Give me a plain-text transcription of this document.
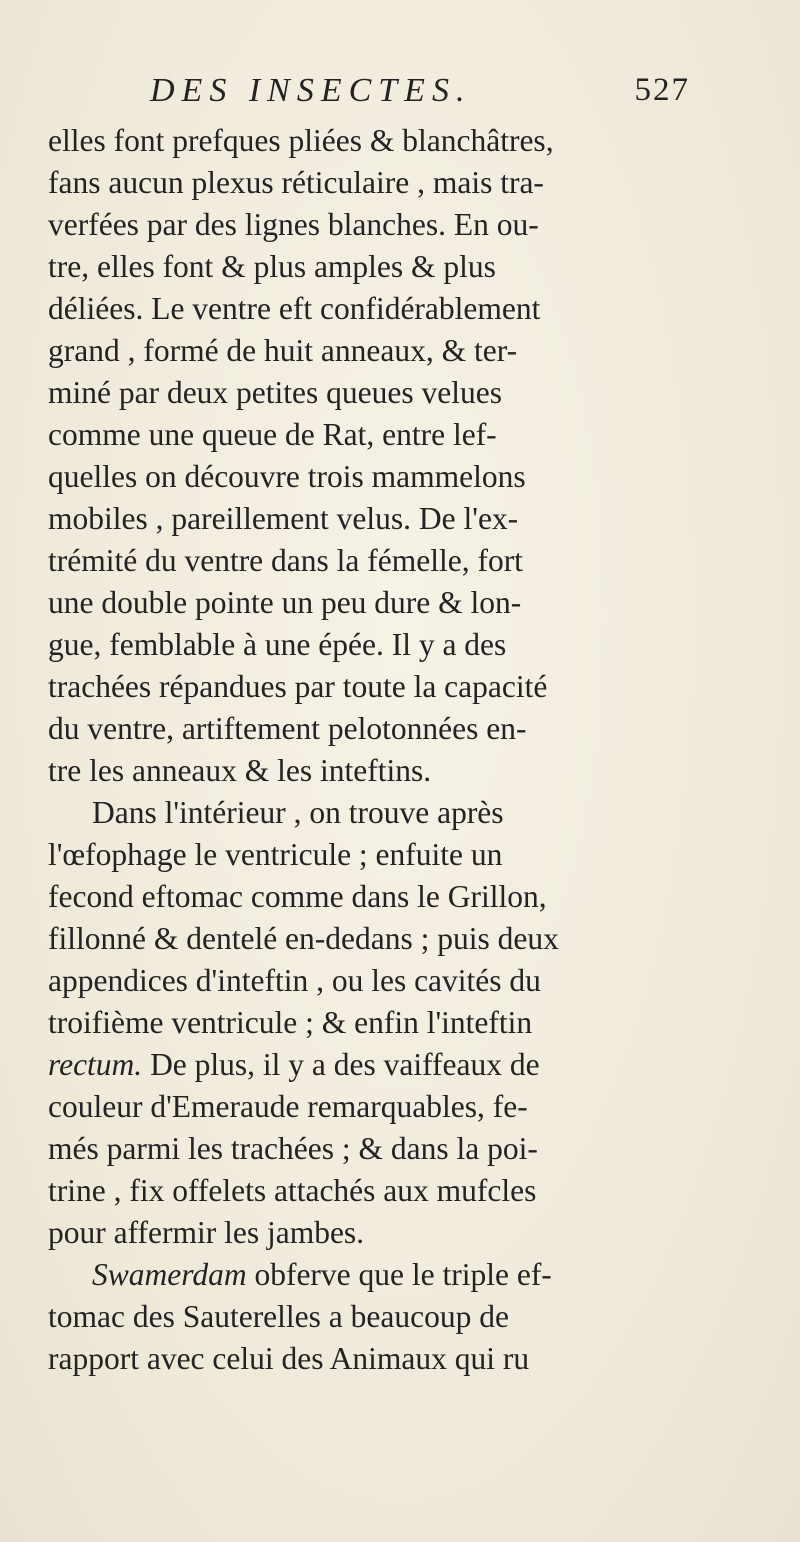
DES INSECTES.	527
elles font prefques pliées & blanchâtres,
fans aucun plexus réticulaire , mais tra-
verfées par des lignes blanches. En ou-
tre, elles font & plus amples & plus
déliées. Le ventre eft confidérablement
grand , formé de huit anneaux, & ter-
miné par deux petites queues velues
comme une queue de Rat, entre lef-
quelles on découvre trois mammelons
mobiles , pareillement velus. De l'ex-
trémité du ventre dans la fémelle, fort
une double pointe un peu dure & lon-
gue, femblable à une épée. Il y a des
trachées répandues par toute la capacité
du ventre, artiftement pelotonnées en-
tre les anneaux & les inteftins.
Dans l'intérieur , on trouve après
l'œfophage le ventricule ; enfuite un
fecond eftomac comme dans le Grillon,
fillonné & dentelé en-dedans ; puis deux
appendices d'inteftin , ou les cavités du
troifième ventricule ; & enfin l'inteftin
rectum. De plus, il y a des vaiffeaux de
couleur d'Emeraude remarquables, fe-
més parmi les trachées ; & dans la poi-
trine , fix offelets attachés aux mufcles
pour affermir les jambes.
Swamerdam obferve que le triple ef-
tomac des Sauterelles a beaucoup de
rapport avec celui des Animaux qui ru
